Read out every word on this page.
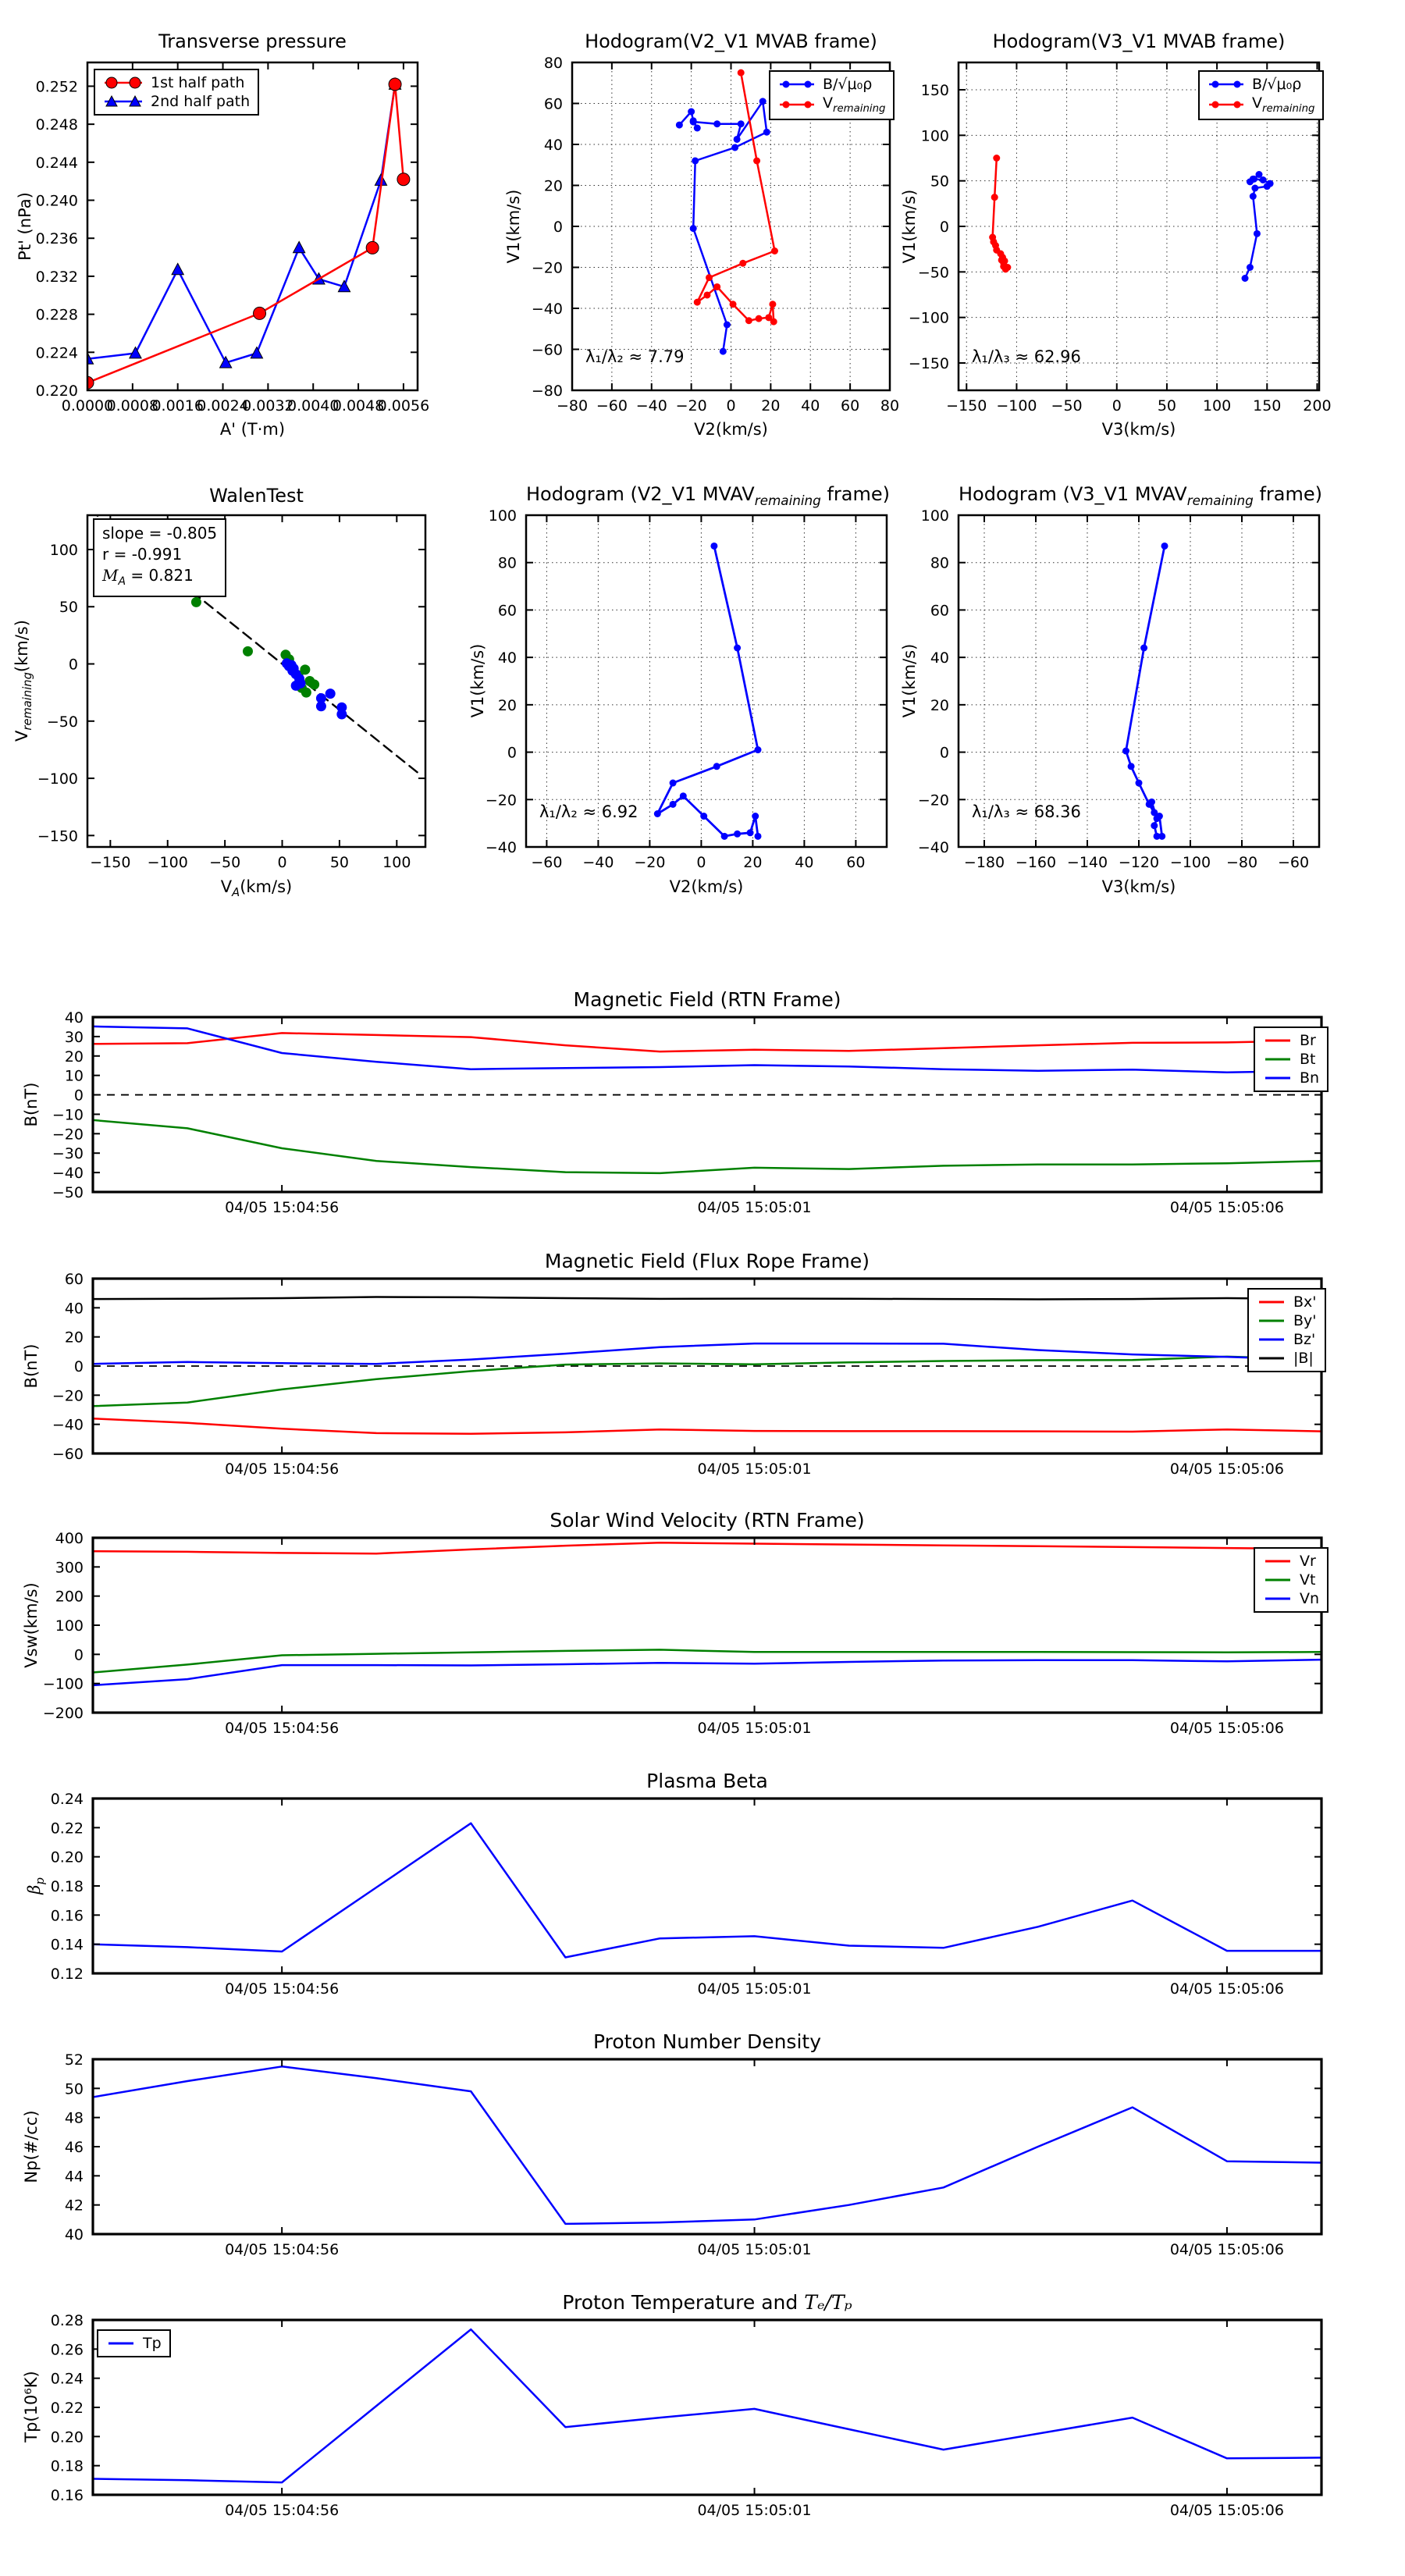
0.0000
0.0008
0.0016
0.0024
0.0032
0.0040
0.0048
0.0056
0.220
0.224
0.228
0.232
0.236
0.240
0.244
0.248
0.252
−80 −60 −40 −20 0 20 40 60 80
−80
−60
−40
−20
0
20
40
60
80
−150 −100 −50 0 50 100 150 200
−150
−100
−50
0
50
100
150
−150 −100 −50 0	50 100
−150
−100
−50
0
50
100
−60 −40 −20 0	20 40 60
−40
−20
0
20
40
60
80
100
−180 −160 −140 −120 −100 −80 −60
−40
−20
0
20
40
60
80
100
04/05 15:04:56	04/05 15:05:01	04/05 15:05:06
−50
−40
−30
−20
−10
0
10
20
30
40
04/05 15:04:56	04/05 15:05:01	04/05 15:05:06
−60
−40
−20
0
20
40
60
04/05 15:04:56	04/05 15:05:01	04/05 15:05:06
−200
−100
0
100
200
300
400
04/05 15:04:56	04/05 15:05:01	04/05 15:05:06
0.12
0.14
0.16
0.18
0.20
0.22
0.24
04/05 15:04:56	04/05 15:05:01	04/05 15:05:06
40
42
44
46
48
50
52
04/05 15:04:56	04/05 15:05:01	04/05 15:05:06
0.16
0.18
0.20
0.22
0.24
0.26
0.28
Transverse pressure	Hodogram(V2_V1 MVAB frame)	Hodogram(V3_V1 MVAB frame)
WalenTest	Hodogram (V2_V1 $MVAV_{remaining}$ frame)	Hodogram (V3_V1 $MVAV_{remaining}$ frame)
Magnetic Field (RTN Frame)
Magnetic Field (Flux Rope Frame)
Solar Wind Velocity (RTN Frame)
Plasma Beta
Proton Number Density
Proton Temperature and Tₑ/Tₚ
Pt' (nPa)	V1(km/s)	V1(km/s)
$V_{remaining}(km/s)$	V1(km/s)	V1(km/s)
B(nT)
B(nT)
Vsw(km/s)
$\beta_p$
Np(#/cc)
Tp(10⁶K)
A' (T·m)	V2(km/s)	V3(km/s)
$V_A(km/s)$	V2(km/s)	V3(km/s)
λ₁/λ₂ ≈ 7.79	λ₁/λ₃ ≈ 62.96
λ₁/λ₂ ≈ 6.92	λ₁/λ₃ ≈ 68.36
slope = -0.805
r = -0.991
$M_A = 0.821$
1st half path
2nd half path
B/√μ₀ρ
$V_{remaining}$
B/√μ₀ρ
$V_{remaining}$
Br
Bt
Bn
Bx'
By'
Bz'
|B|
Vr
Vt
Vn
Tp
